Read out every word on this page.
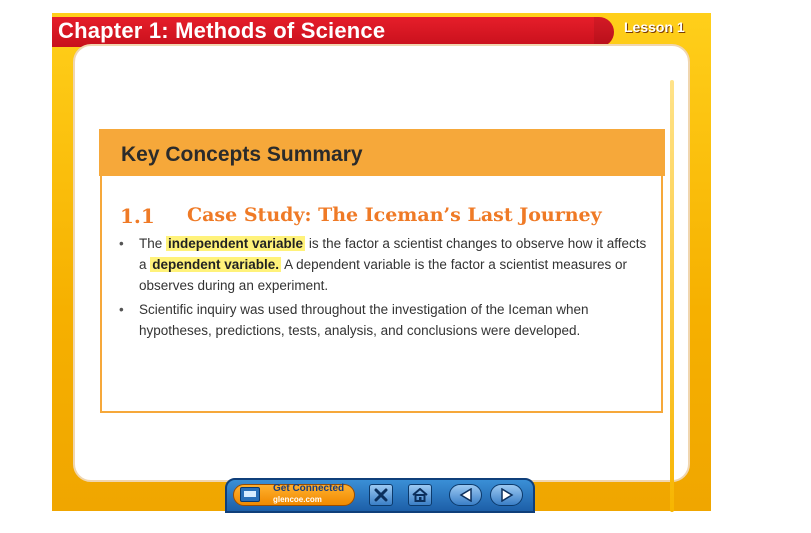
Chapter 1: Methods of Science	Lesson 1
Key Concepts Summary
1.1 Case Study: The Iceman’s Last Journey
• The independent variable is the factor a scientist changes to observe how it affects a dependent variable. A dependent variable is the factor a scientist measures or observes during an experiment.
• Scientific inquiry was used throughout the investigation of the Iceman when hypotheses, predictions, tests, analysis, and conclusions were developed.
Get Connected
glencoe.com
